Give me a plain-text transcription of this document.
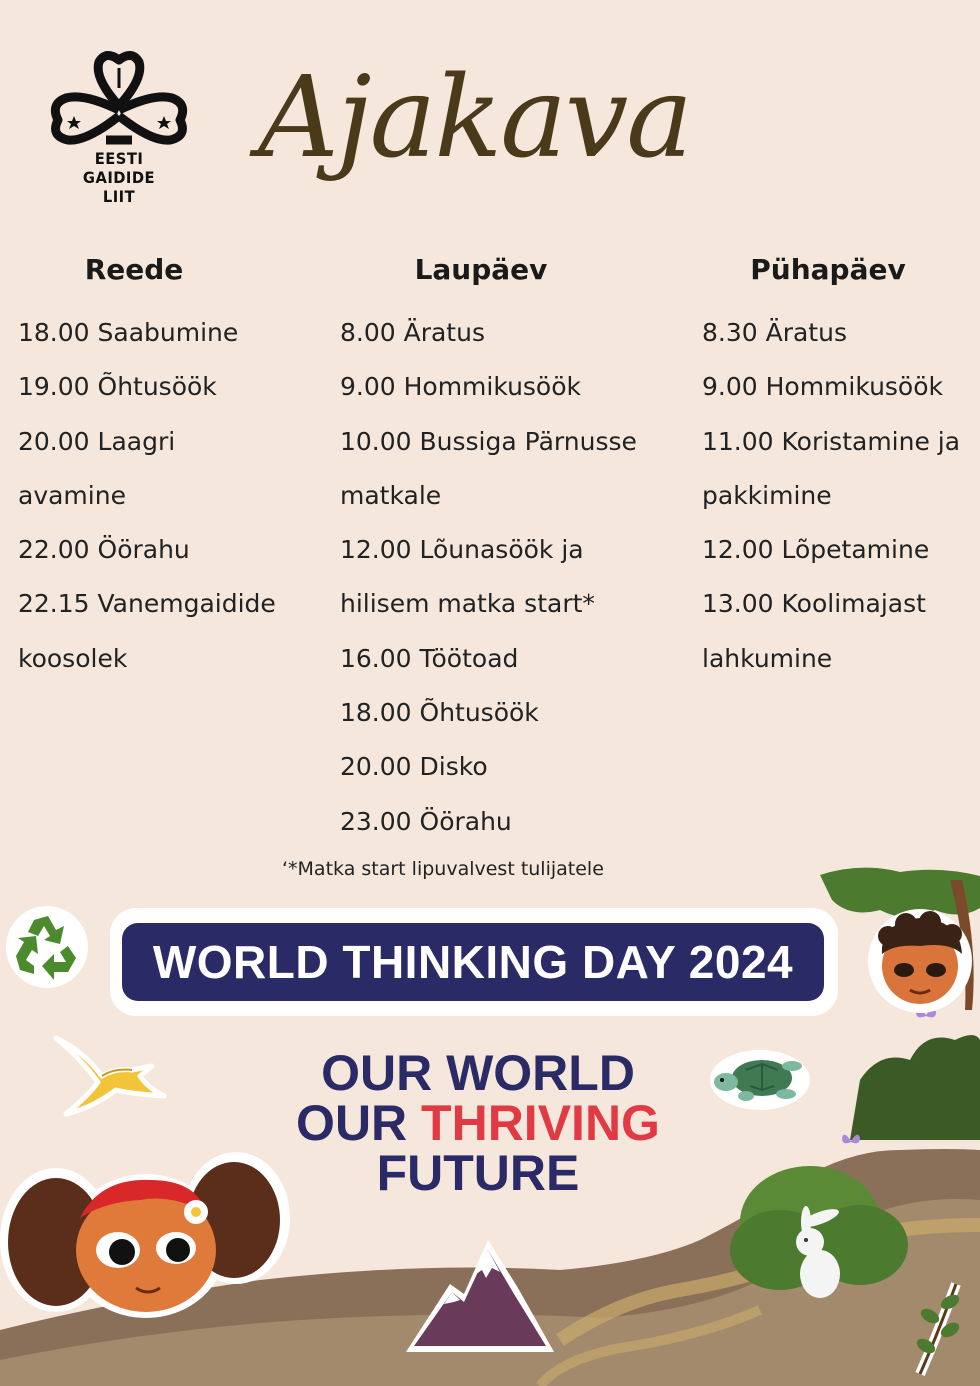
EESTI
GAIDIDE
LIIT
Ajakava
Reede
18.00 Saabumine
19.00 Õhtusöök
20.00 Laagri
avamine
22.00 Öörahu
22.15 Vanemgaidide
koosolek
Laupäev
8.00 Äratus
9.00 Hommikusöök
10.00 Bussiga Pärnusse
matkale
12.00 Lõunasöök ja
hilisem matka start*
16.00 Töötoad
18.00 Õhtusöök
20.00 Disko
23.00 Öörahu
Pühapäev
8.30 Äratus
9.00 Hommikusöök
11.00 Koristamine ja
pakkimine
12.00 Lõpetamine
13.00 Koolimajast
lahkumine
‘*Matka start lipuvalvest tulijatele
WORLD THINKING DAY 2024
OUR WORLD
OUR THRIVING
FUTURE
